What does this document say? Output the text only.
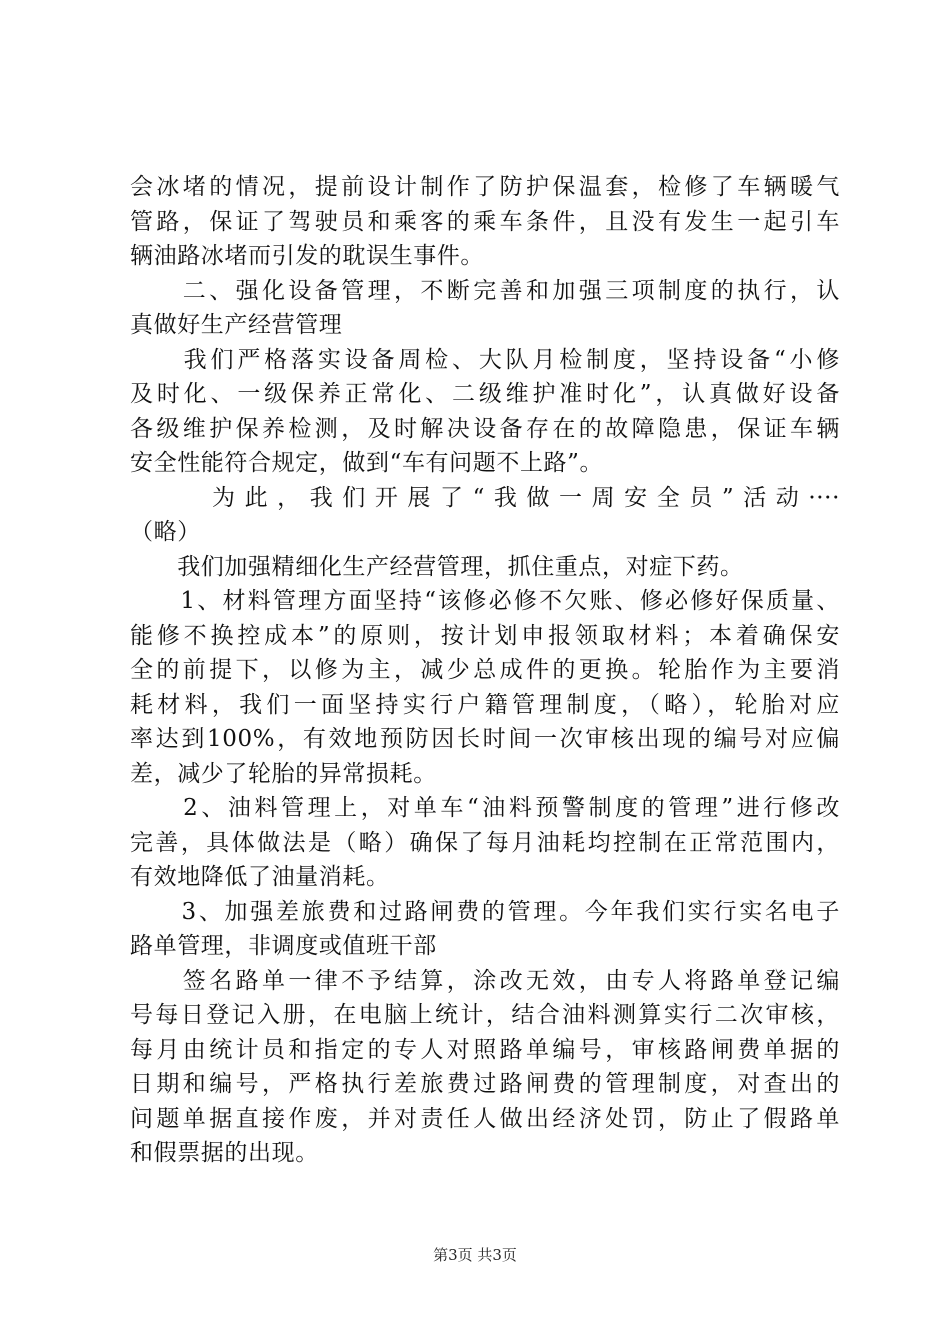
会冰堵的情况，提前设计制作了防护保温套，检修了车辆暖气
管路，保证了驾驶员和乘客的乘车条件，且没有发生一起引车
辆油路冰堵而引发的耽误生事件。
　　二、强化设备管理，不断完善和加强三项制度的执行，认
真做好生产经营管理
　　我们严格落实设备周检、大队月检制度，坚持设备“小修
及时化、一级保养正常化、二级维护准时化”，认真做好设备
各级维护保养检测，及时解决设备存在的故障隐患，保证车辆
安全性能符合规定，做到“车有问题不上路”。
　　 为此，我们开展了“我做一周安全员”活动····
（略）
　　我们加强精细化生产经营管理，抓住重点，对症下药。
　　1、材料管理方面坚持“该修必修不欠账、修必修好保质量、
能修不换控成本”的原则，按计划申报领取材料；本着确保安
全的前提下，以修为主，减少总成件的更换。轮胎作为主要消
耗材料，我们一面坚持实行户籍管理制度，（略），轮胎对应
率达到100%，有效地预防因长时间一次审核出现的编号对应偏
差，减少了轮胎的异常损耗。
　　2、油料管理上，对单车“油料预警制度的管理”进行修改
完善，具体做法是（略）确保了每月油耗均控制在正常范围内，
有效地降低了油量消耗。
　　3、加强差旅费和过路闸费的管理。今年我们实行实名电子
路单管理，非调度或值班干部
　　签名路单一律不予结算，涂改无效，由专人将路单登记编
号每日登记入册，在电脑上统计，结合油料测算实行二次审核，
每月由统计员和指定的专人对照路单编号，审核路闸费单据的
日期和编号，严格执行差旅费过路闸费的管理制度，对查出的
问题单据直接作废，并对责任人做出经济处罚，防止了假路单
和假票据的出现。
第3页 共3页
